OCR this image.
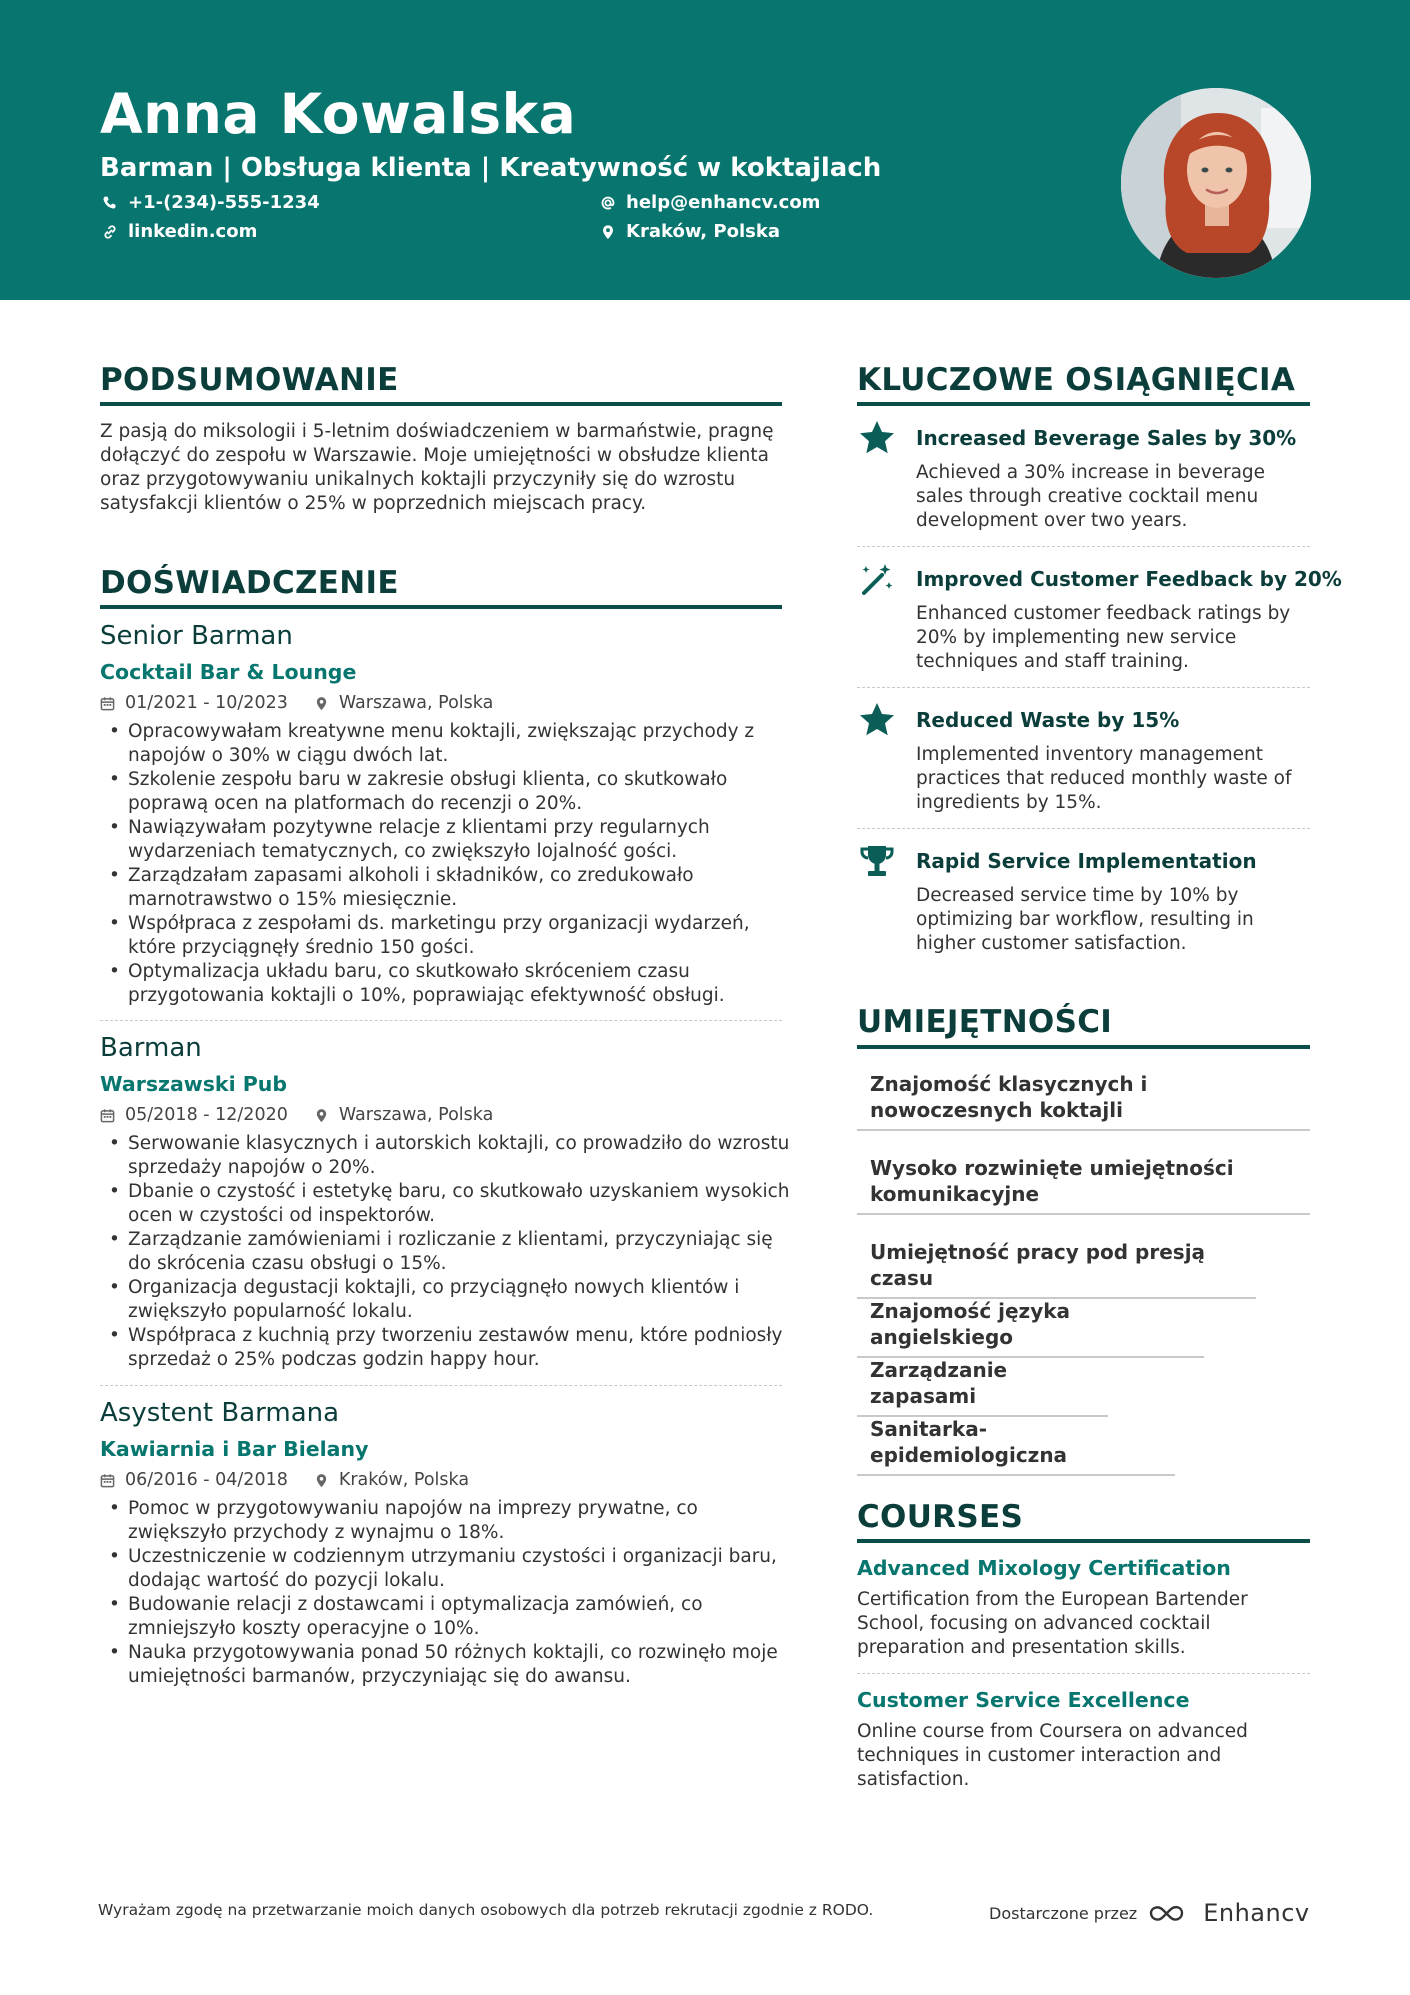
Anna Kowalska
Barman | Obsługa klienta | Kreatywność w koktajlach
+1-(234)-555-1234	help@enhancv.com
linkedin.com	Kraków, Polska
PODSUMOWANIE
Z pasją do miksologii i 5-letnim doświadczeniem w barmaństwie, pragnę dołączyć do zespołu w Warszawie. Moje umiejętności w obsłudze klienta oraz przygotowywaniu unikalnych koktajli przyczyniły się do wzrostu satysfakcji klientów o 25% w poprzednich miejscach pracy.
DOŚWIADCZENIE
Senior Barman
Cocktail Bar & Lounge
01/2021 - 10/2023	Warszawa, Polska
• Opracowywałam kreatywne menu koktajli, zwiększając przychody z napojów o 30% w ciągu dwóch lat.
• Szkolenie zespołu baru w zakresie obsługi klienta, co skutkowało poprawą ocen na platformach do recenzji o 20%.
• Nawiązywałam pozytywne relacje z klientami przy regularnych wydarzeniach tematycznych, co zwiększyło lojalność gości.
• Zarządzałam zapasami alkoholi i składników, co zredukowało marnotrawstwo o 15% miesięcznie.
• Współpraca z zespołami ds. marketingu przy organizacji wydarzeń, które przyciągnęły średnio 150 gości.
• Optymalizacja układu baru, co skutkowało skróceniem czasu przygotowania koktajli o 10%, poprawiając efektywność obsługi.
Barman
Warszawski Pub
05/2018 - 12/2020	Warszawa, Polska
• Serwowanie klasycznych i autorskich koktajli, co prowadziło do wzrostu sprzedaży napojów o 20%.
• Dbanie o czystość i estetykę baru, co skutkowało uzyskaniem wysokich ocen w czystości od inspektorów.
• Zarządzanie zamówieniami i rozliczanie z klientami, przyczyniając się do skrócenia czasu obsługi o 15%.
• Organizacja degustacji koktajli, co przyciągnęło nowych klientów i zwiększyło popularność lokalu.
• Współpraca z kuchnią przy tworzeniu zestawów menu, które podniosły sprzedaż o 25% podczas godzin happy hour.
Asystent Barmana
Kawiarnia i Bar Bielany
06/2016 - 04/2018	Kraków, Polska
• Pomoc w przygotowywaniu napojów na imprezy prywatne, co zwiększyło przychody z wynajmu o 18%.
• Uczestniczenie w codziennym utrzymaniu czystości i organizacji baru, dodając wartość do pozycji lokalu.
• Budowanie relacji z dostawcami i optymalizacja zamówień, co zmniejszyło koszty operacyjne o 10%.
• Nauka przygotowywania ponad 50 różnych koktajli, co rozwinęło moje umiejętności barmanów, przyczyniając się do awansu.
KLUCZOWE OSIĄGNIĘCIA
Increased Beverage Sales by 30%
Achieved a 30% increase in beverage sales through creative cocktail menu development over two years.
Improved Customer Feedback by 20%
Enhanced customer feedback ratings by 20% by implementing new service techniques and staff training.
Reduced Waste by 15%
Implemented inventory management practices that reduced monthly waste of ingredients by 15%.
Rapid Service Implementation
Decreased service time by 10% by optimizing bar workflow, resulting in higher customer satisfaction.
UMIEJĘTNOŚCI
Znajomość klasycznych i nowoczesnych koktajli
Wysoko rozwinięte umiejętności komunikacyjne
Umiejętność pracy pod presją czasu
Znajomość języka angielskiego
Zarządzanie zapasami
Sanitarka-epidemiologiczna
COURSES
Advanced Mixology Certification
Certification from the European Bartender School, focusing on advanced cocktail preparation and presentation skills.
Customer Service Excellence
Online course from Coursera on advanced techniques in customer interaction and satisfaction.
Wyrażam zgodę na przetwarzanie moich danych osobowych dla potrzeb rekrutacji zgodnie z RODO.	Dostarczone przez	Enhancv
